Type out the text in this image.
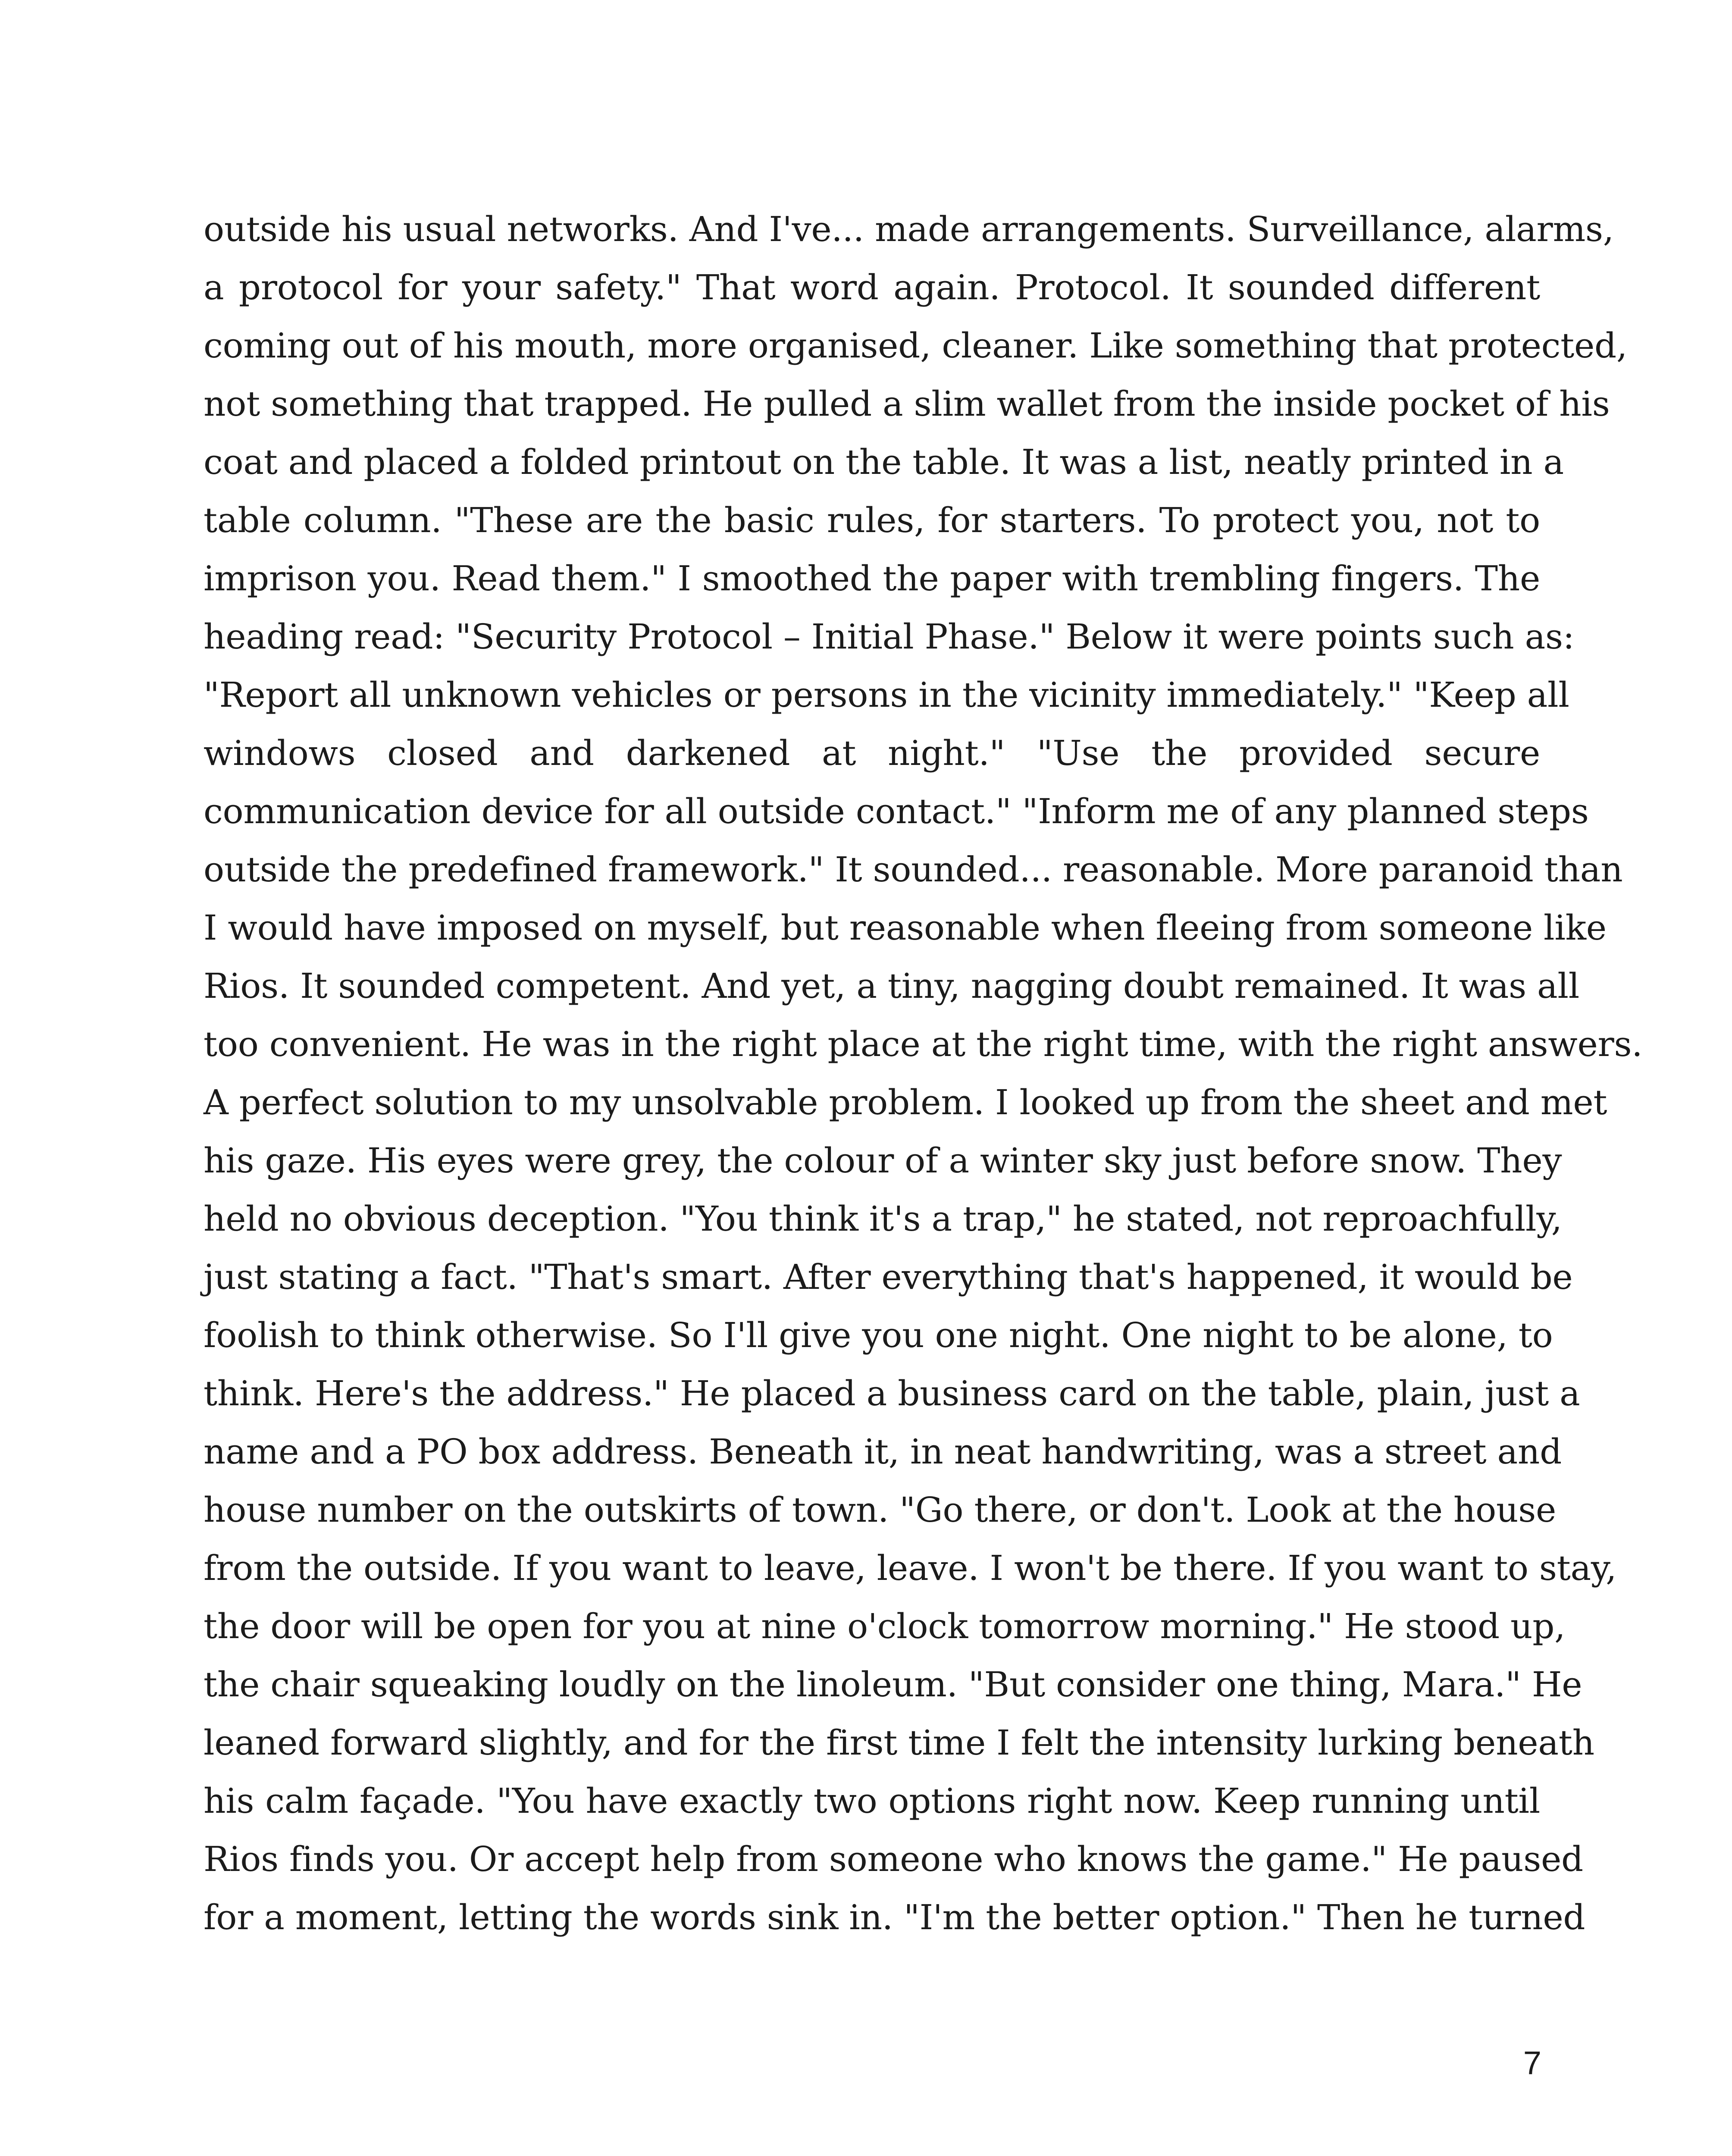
outside his usual networks. And I've... made arrangements. Surveillance, alarms,
a protocol for your safety." That word again. Protocol. It sounded different
coming out of his mouth, more organised, cleaner. Like something that protected,
not something that trapped. He pulled a slim wallet from the inside pocket of his
coat and placed a folded printout on the table. It was a list, neatly printed in a
table column. "These are the basic rules, for starters. To protect you, not to
imprison you. Read them." I smoothed the paper with trembling fingers. The
heading read: "Security Protocol – Initial Phase." Below it were points such as:
"Report all unknown vehicles or persons in the vicinity immediately." "Keep all
windows closed and darkened at night." "Use the provided secure
communication device for all outside contact." "Inform me of any planned steps
outside the predefined framework." It sounded... reasonable. More paranoid than
I would have imposed on myself, but reasonable when fleeing from someone like
Rios. It sounded competent. And yet, a tiny, nagging doubt remained. It was all
too convenient. He was in the right place at the right time, with the right answers.
A perfect solution to my unsolvable problem. I looked up from the sheet and met
his gaze. His eyes were grey, the colour of a winter sky just before snow. They
held no obvious deception. "You think it's a trap," he stated, not reproachfully,
just stating a fact. "That's smart. After everything that's happened, it would be
foolish to think otherwise. So I'll give you one night. One night to be alone, to
think. Here's the address." He placed a business card on the table, plain, just a
name and a PO box address. Beneath it, in neat handwriting, was a street and
house number on the outskirts of town. "Go there, or don't. Look at the house
from the outside. If you want to leave, leave. I won't be there. If you want to stay,
the door will be open for you at nine o'clock tomorrow morning." He stood up,
the chair squeaking loudly on the linoleum. "But consider one thing, Mara." He
leaned forward slightly, and for the first time I felt the intensity lurking beneath
his calm façade. "You have exactly two options right now. Keep running until
Rios finds you. Or accept help from someone who knows the game." He paused
for a moment, letting the words sink in. "I'm the better option." Then he turned
7
